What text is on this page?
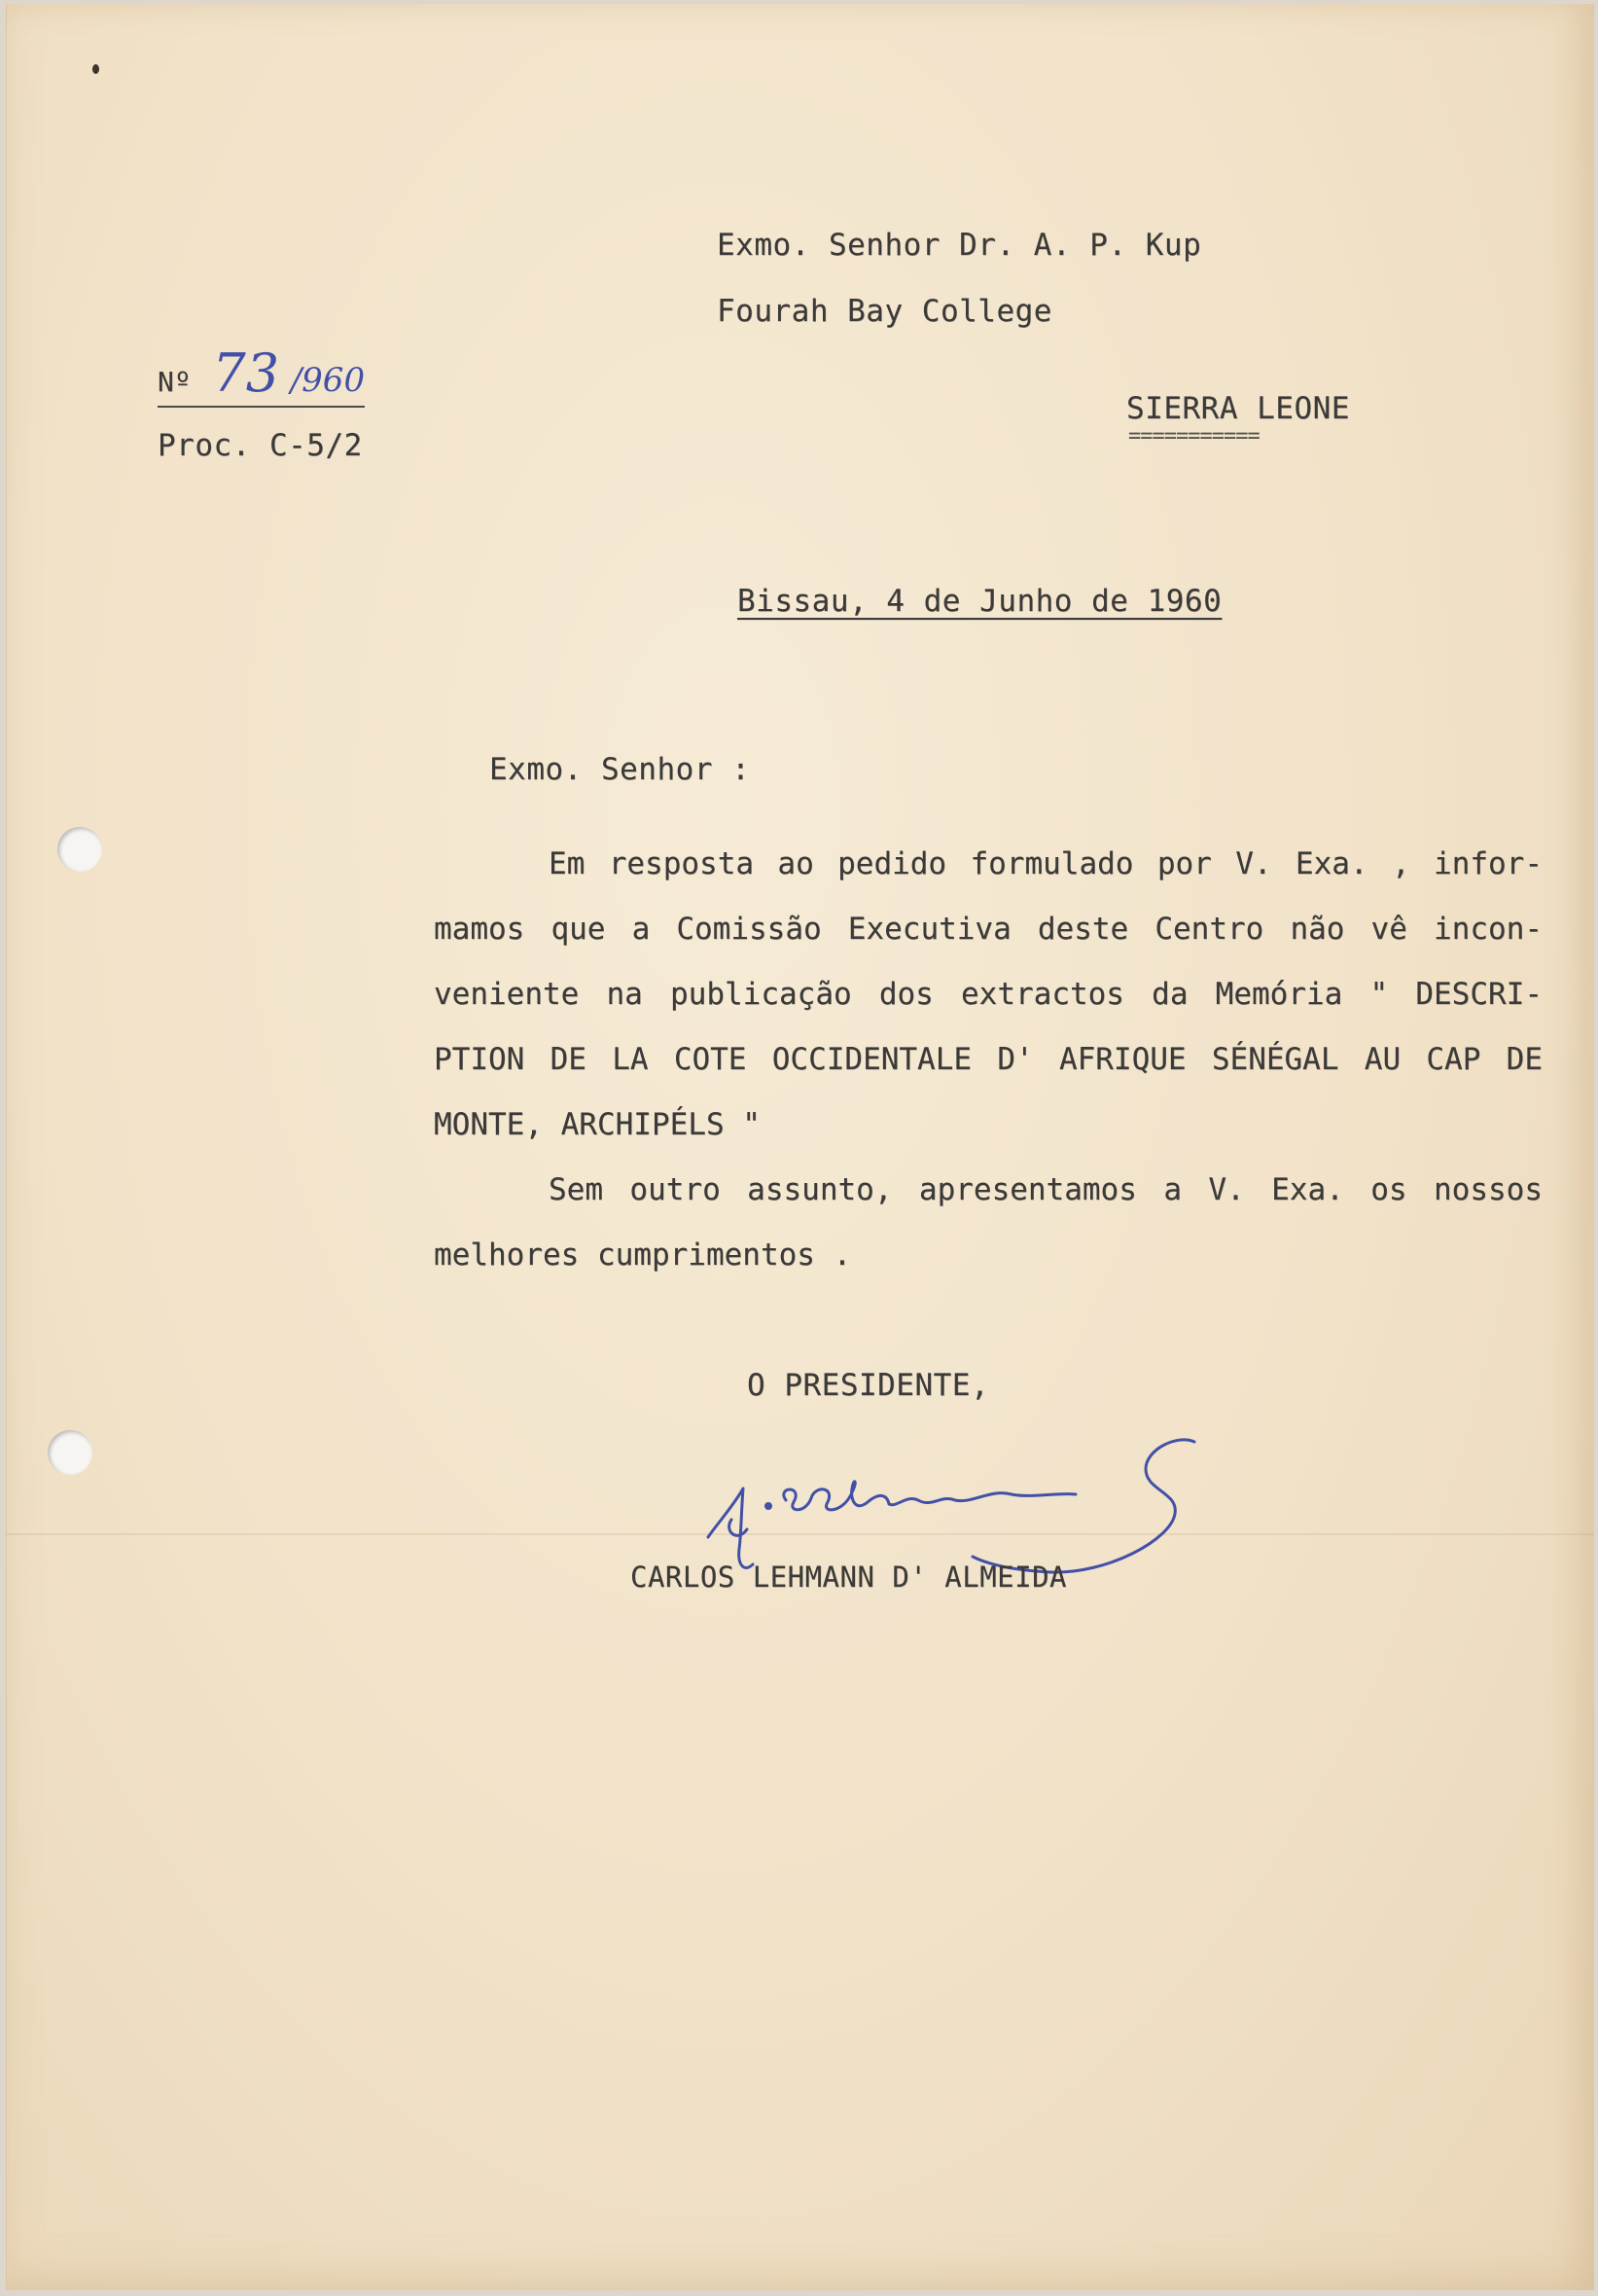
Exmo. Senhor Dr. A. P. Kup

Fourah Bay College

SIERRA LEONE

===========

Nº 73 /960

Proc. C-5/2

Bissau, 4 de Junho de 1960

Exmo. Senhor :

Em resposta ao pedido formulado por V. Exa. , infor-

mamos que a Comissão Executiva deste Centro não vê incon-

veniente na publicação dos extractos da Memória " DESCRI-

PTION DE LA COTE OCCIDENTALE D' AFRIQUE SÉNÉGAL AU CAP DE

MONTE, ARCHIPÉLS "

Sem outro assunto, apresentamos a V. Exa. os nossos

melhores cumprimentos .

O PRESIDENTE,

CARLOS LEHMANN D' ALMEIDA
